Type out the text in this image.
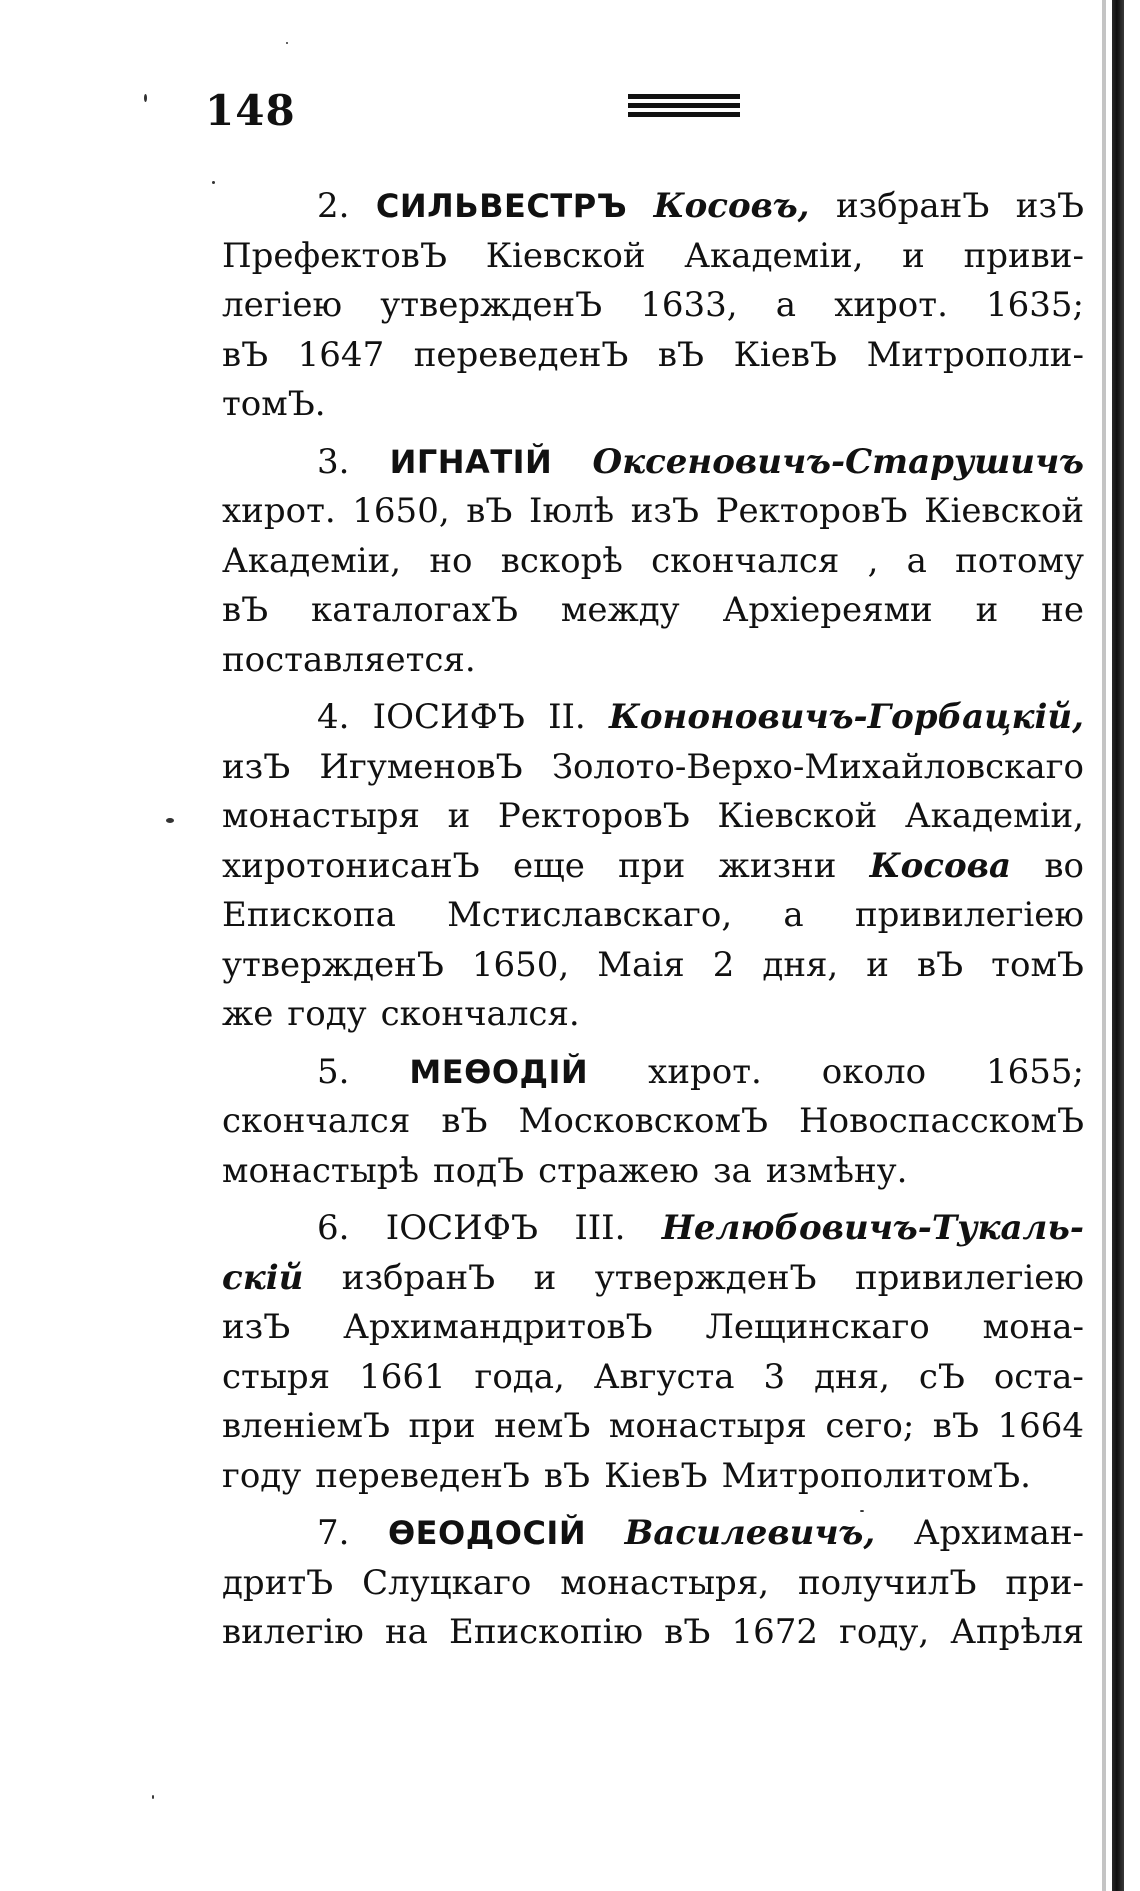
148
2. СИЛЬВЕСТРЪ Косовъ, избранЪ изЪ
ПрефектовЪ Кіевской Академіи, и приви-
легіею утвержденЪ 1633, а хирот. 1635;
вЪ 1647 переведенЪ вЪ КіевЪ Митрополи-
томЪ.
3. ИГНАТІЙ Оксеновичъ-Старушичъ
хирот. 1650, вЪ Іюлѣ изЪ РекторовЪ Кіевской
Академіи, но вскорѣ скончался , а потому
вЪ каталогахЪ между Архіереями и не
поставляется.
4. ІОСИФЪ II. Кононовичъ-Горбацкій,
изЪ ИгуменовЪ Золото-Верхо-Михайловскаго
монастыря и РекторовЪ Кіевской Академіи,
хиротонисанЪ еще при жизни Косова во
Епископа Мстиславскаго, а привилегіею
утвержденЪ 1650, Маія 2 дня, и вЪ томЪ
же году скончался.
5. МЕѲОДІЙ хирот. около 1655;
скончался вЪ МосковскомЪ НовоспасскомЪ
монастырѣ подЪ стражею за измѣну.
6. ІОСИФЪ III. Нелюбовичъ-Тукаль-
скій избранЪ и утвержденЪ привилегіею
изЪ АрхимандритовЪ Лещинскаго мона-
стыря 1661 года, Августа 3 дня, сЪ оста-
вленіемЪ при немЪ монастыря сего; вЪ 1664
году переведенЪ вЪ КіевЪ МитрополитомЪ.
7. ѲЕОДОСІЙ Василевичъ, Архиман-
дритЪ Слуцкаго монастыря, получилЪ при-
вилегію на Епископію вЪ 1672 году, Апрѣля
